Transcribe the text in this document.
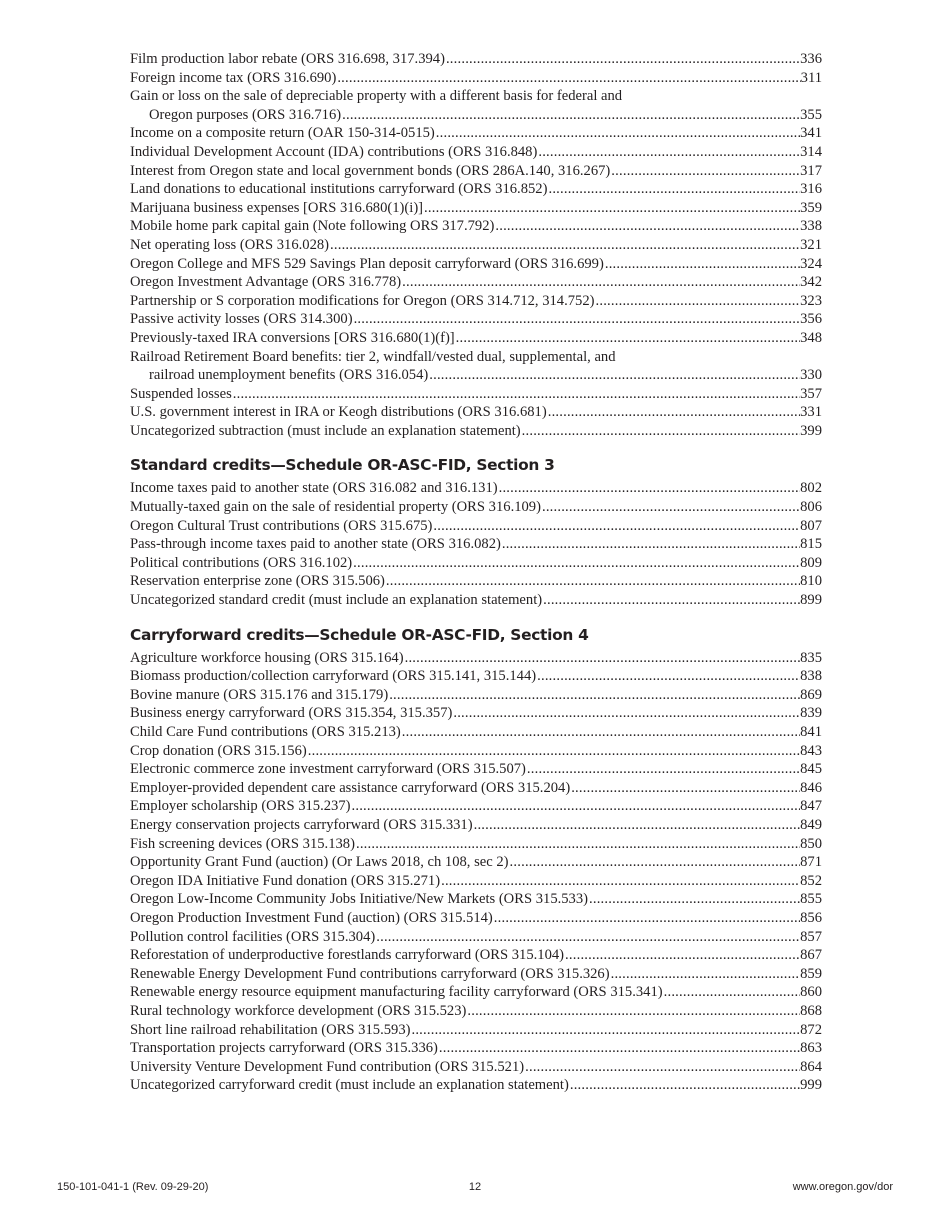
Film production labor rebate (ORS 316.698, 317.394) .....	336
Foreign income tax (ORS 316.690) .....	311
Gain or loss on the sale of depreciable property with a different basis for federal and
Oregon purposes (ORS 316.716) .....	355
Income on a composite return (OAR 150-314-0515) .....	341
Individual Development Account (IDA) contributions (ORS 316.848) .....	314
Interest from Oregon state and local government bonds (ORS 286A.140, 316.267) .....	317
Land donations to educational institutions carryforward (ORS 316.852) .....	316
Marijuana business expenses [ORS 316.680(1)(i)] .....	359
Mobile home park capital gain (Note following ORS 317.792) .....	338
Net operating loss (ORS 316.028) .....	321
Oregon College and MFS 529 Savings Plan deposit carryforward (ORS 316.699) .....	324
Oregon Investment Advantage (ORS 316.778) .....	342
Partnership or S corporation modifications for Oregon (ORS 314.712, 314.752) .....	323
Passive activity losses (ORS 314.300) .....	356
Previously-taxed IRA conversions [ORS 316.680(1)(f)] .....	348
Railroad Retirement Board benefits: tier 2, windfall/vested dual, supplemental, and
railroad unemployment benefits (ORS 316.054) .....	330
Suspended losses .....	357
U.S. government interest in IRA or Keogh distributions (ORS 316.681) .....	331
Uncategorized subtraction (must include an explanation statement) .....	399
Standard credits—Schedule OR-ASC-FID, Section 3
Income taxes paid to another state (ORS 316.082 and 316.131) .....	802
Mutually-taxed gain on the sale of residential property (ORS 316.109) .....	806
Oregon Cultural Trust contributions (ORS 315.675) .....	807
Pass-through income taxes paid to another state (ORS 316.082) .....	815
Political contributions (ORS 316.102) .....	809
Reservation enterprise zone (ORS 315.506) .....	810
Uncategorized standard credit (must include an explanation statement) .....	899
Carryforward credits—Schedule OR-ASC-FID, Section 4
Agriculture workforce housing (ORS 315.164) .....	835
Biomass production/collection carryforward (ORS 315.141, 315.144) .....	838
Bovine manure (ORS 315.176 and 315.179) .....	869
Business energy carryforward (ORS 315.354, 315.357) .....	839
Child Care Fund contributions (ORS 315.213) .....	841
Crop donation (ORS 315.156) .....	843
Electronic commerce zone investment carryforward (ORS 315.507) .....	845
Employer-provided dependent care assistance carryforward (ORS 315.204) .....	846
Employer scholarship (ORS 315.237) .....	847
Energy conservation projects carryforward (ORS 315.331) .....	849
Fish screening devices (ORS 315.138) .....	850
Opportunity Grant Fund (auction) (Or Laws 2018, ch 108, sec 2) .....	871
Oregon IDA Initiative Fund donation (ORS 315.271) .....	852
Oregon Low-Income Community Jobs Initiative/New Markets (ORS 315.533) .....	855
Oregon Production Investment Fund (auction) (ORS 315.514) .....	856
Pollution control facilities (ORS 315.304) .....	857
Reforestation of underproductive forestlands carryforward (ORS 315.104) .....	867
Renewable Energy Development Fund contributions carryforward (ORS 315.326) .....	859
Renewable energy resource equipment manufacturing facility carryforward (ORS 315.341) .....	860
Rural technology workforce development (ORS 315.523) .....	868
Short line railroad rehabilitation (ORS 315.593) .....	872
Transportation projects carryforward (ORS 315.336) .....	863
University Venture Development Fund contribution (ORS 315.521) .....	864
Uncategorized carryforward credit (must include an explanation statement) .....	999
150-101-041-1 (Rev. 09-29-20)	12	www.oregon.gov/dor
